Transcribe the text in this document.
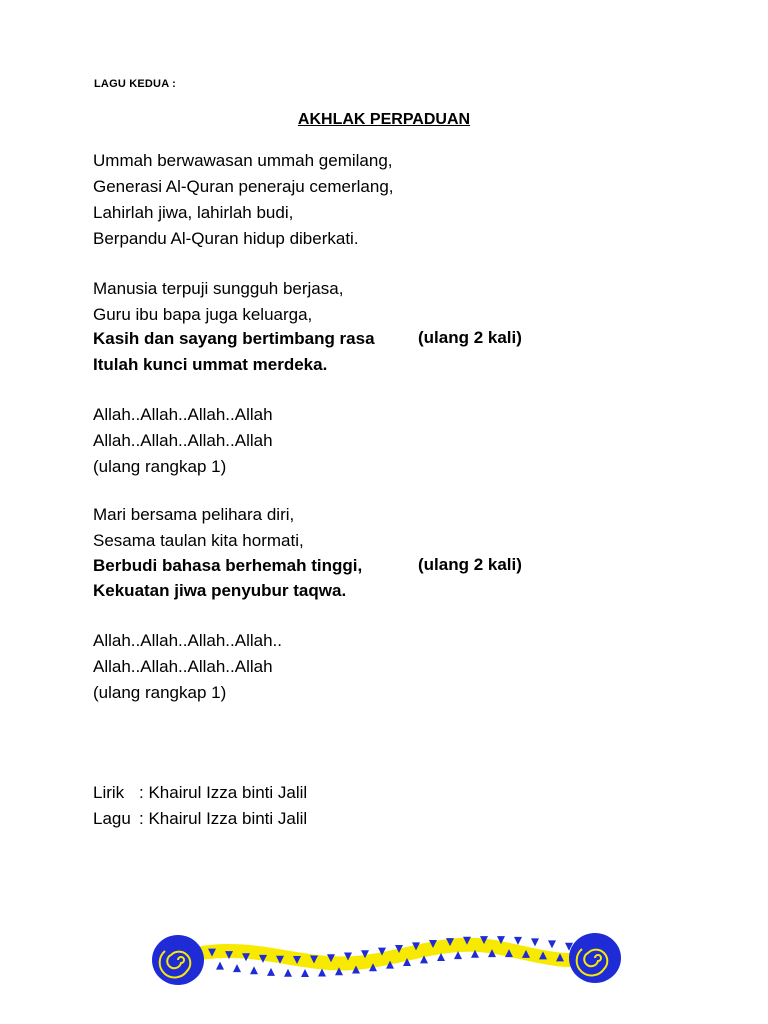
LAGU KEDUA :
AKHLAK PERPADUAN
Ummah berwawasan ummah gemilang,
Generasi Al-Quran peneraju cemerlang,
Lahirlah jiwa, lahirlah budi,
Berpandu Al-Quran hidup diberkati.
Manusia terpuji sungguh berjasa,
Guru ibu bapa juga keluarga,
Kasih dan sayang bertimbang rasa	(ulang 2 kali)
Itulah kunci ummat merdeka.
Allah..Allah..Allah..Allah
Allah..Allah..Allah..Allah
(ulang rangkap 1)
Mari bersama pelihara diri,
Sesama taulan kita hormati,
Berbudi bahasa berhemah tinggi,	(ulang 2 kali)
Kekuatan jiwa penyubur taqwa.
Allah..Allah..Allah..Allah..
Allah..Allah..Allah..Allah
(ulang rangkap 1)
Lirik : Khairul Izza binti Jalil
Lagu : Khairul Izza binti Jalil
